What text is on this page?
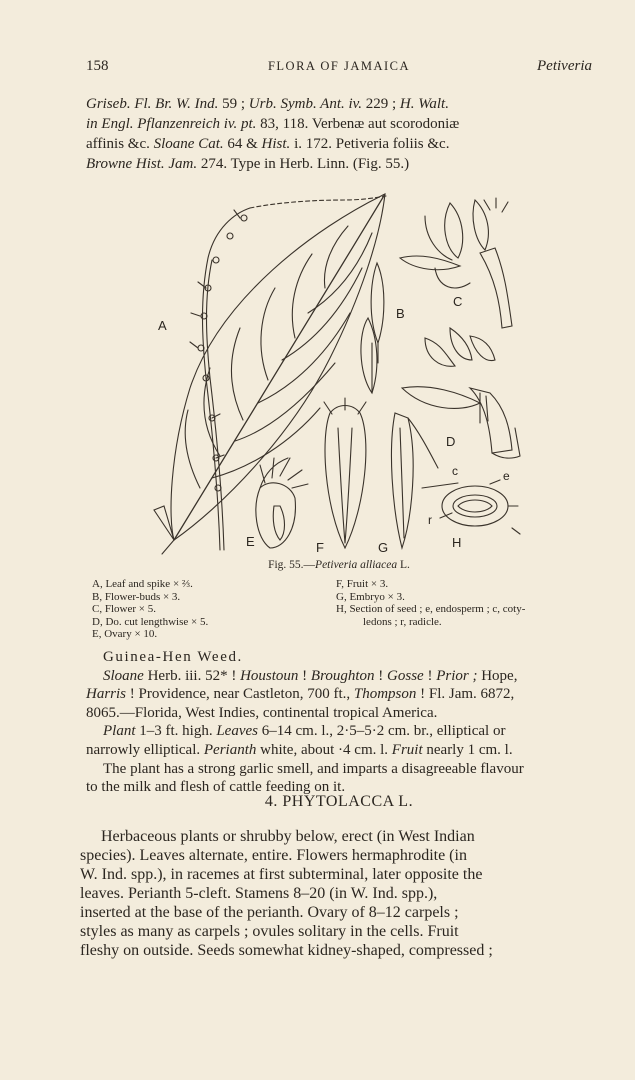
158	FLORA OF JAMAICA	Petiveria
Griseb. Fl. Br. W. Ind. 59 ; Urb. Symb. Ant. iv. 229 ; H. Walt.
in Engl. Pflanzenreich iv. pt. 83, 118. Verbenæ aut scorodoniæ
affinis &c. Sloane Cat. 64 & Hist. i. 172. Petiveria foliis &c.
Browne Hist. Jam. 274. Type in Herb. Linn. (Fig. 55.)
A
B
C
D
E	F	G	H
c	e
r
Fig. 55.—Petiveria alliacea L.
A, Leaf and spike × ⅔.
B, Flower-buds × 3.
C, Flower × 5.
D, Do. cut lengthwise × 5.
E, Ovary × 10.
F, Fruit × 3.
G, Embryo × 3.
H, Section of seed ; e, endosperm ; c, coty-
ledons ; r, radicle.
Guinea-Hen Weed.
Sloane Herb. iii. 52* ! Houstoun ! Broughton ! Gosse ! Prior ; Hope,
Harris ! Providence, near Castleton, 700 ft., Thompson ! Fl. Jam. 6872,
8065.—Florida, West Indies, continental tropical America.
Plant 1–3 ft. high. Leaves 6–14 cm. l., 2·5–5·2 cm. br., elliptical or
narrowly elliptical. Perianth white, about ·4 cm. l. Fruit nearly 1 cm. l.
The plant has a strong garlic smell, and imparts a disagreeable flavour
to the milk and flesh of cattle feeding on it.
4. PHYTOLACCA L.
Herbaceous plants or shrubby below, erect (in West Indian
species). Leaves alternate, entire. Flowers hermaphrodite (in
W. Ind. spp.), in racemes at first subterminal, later opposite the
leaves. Perianth 5-cleft. Stamens 8–20 (in W. Ind. spp.),
inserted at the base of the perianth. Ovary of 8–12 carpels ;
styles as many as carpels ; ovules solitary in the cells. Fruit
fleshy on outside. Seeds somewhat kidney-shaped, compressed ;
